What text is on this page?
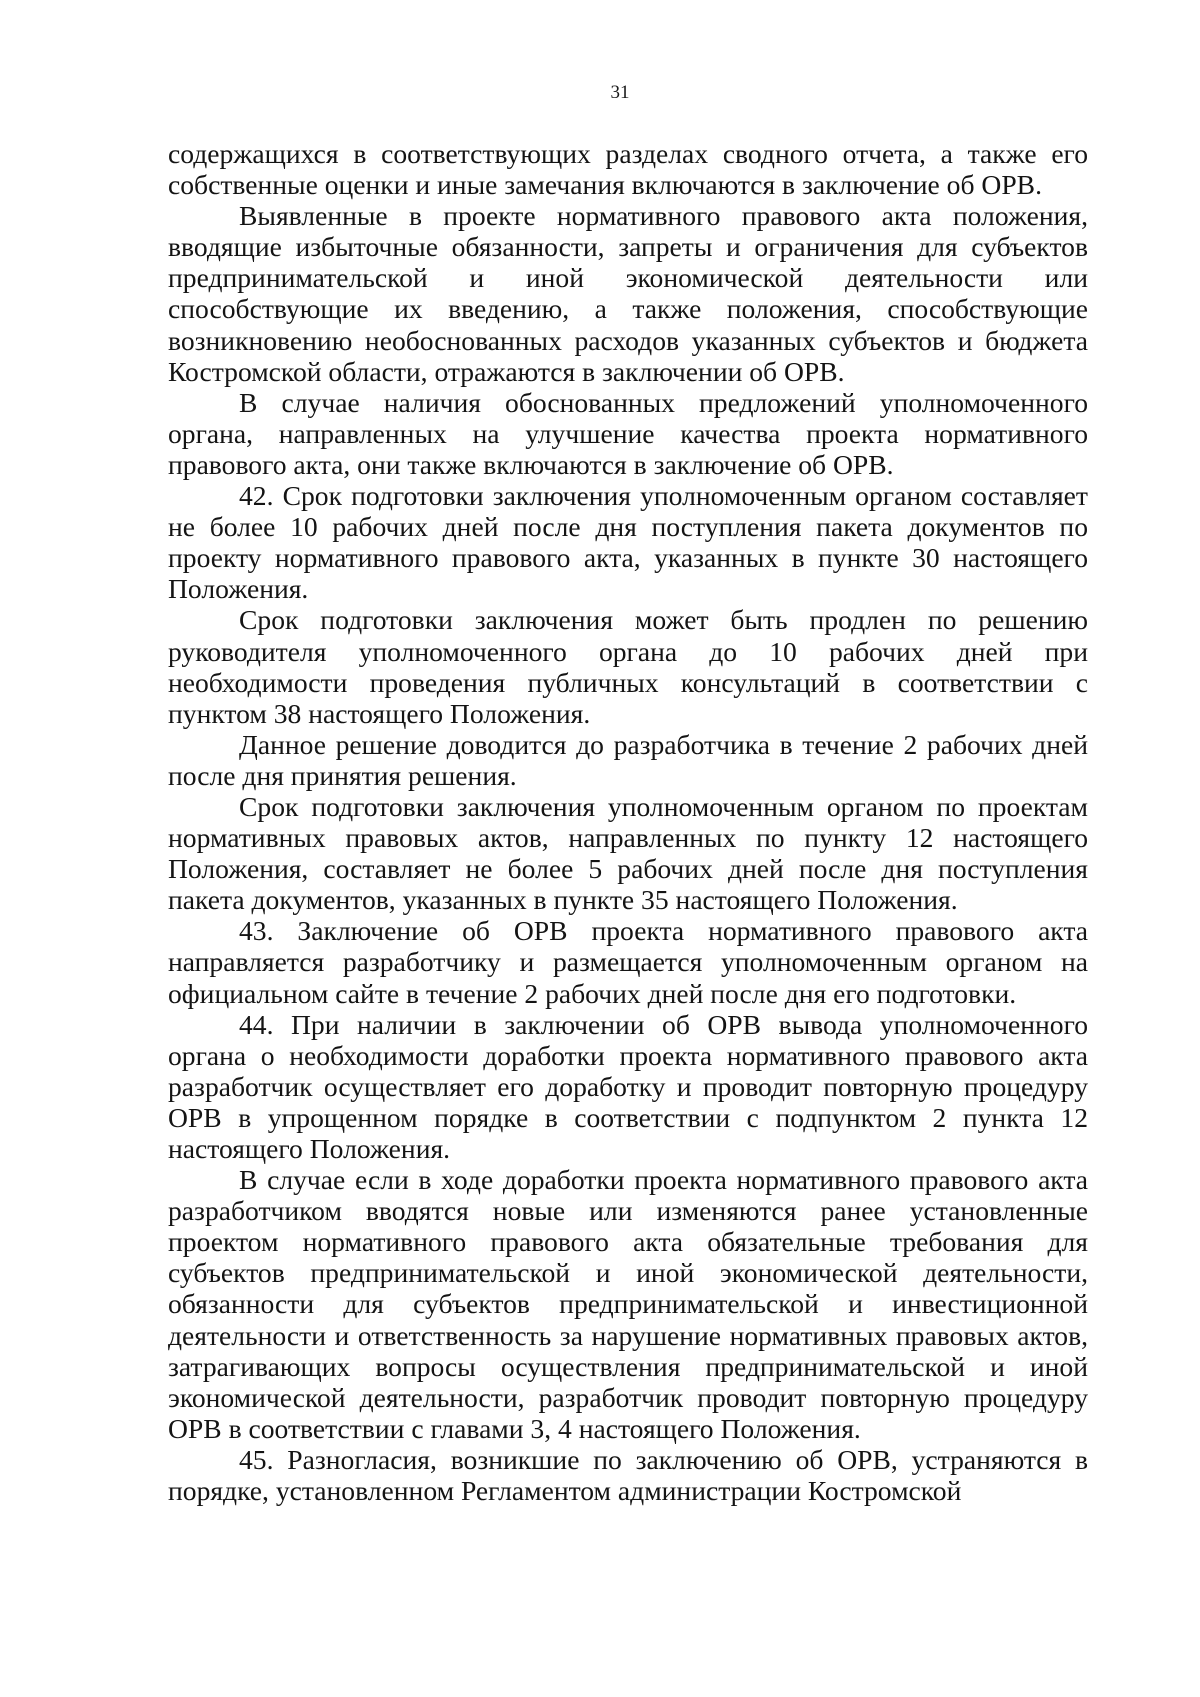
31

содержащихся в соответствующих разделах сводного отчета, а также его собственные оценки и иные замечания включаются в заключение об ОРВ.

Выявленные в проекте нормативного правового акта положения, вводящие избыточные обязанности, запреты и ограничения для субъектов предпринимательской и иной экономической деятельности или способствующие их введению, а также положения, способствующие возникновению необоснованных расходов указанных субъектов и бюджета Костромской области, отражаются в заключении об ОРВ.

В случае наличия обоснованных предложений уполномоченного органа, направленных на улучшение качества проекта нормативного правового акта, они также включаются в заключение об ОРВ.

42. Срок подготовки заключения уполномоченным органом составляет не более 10 рабочих дней после дня поступления пакета документов по проекту нормативного правового акта, указанных в пункте 30 настоящего Положения.

Срок подготовки заключения может быть продлен по решению руководителя уполномоченного органа до 10 рабочих дней при необходимости проведения публичных консультаций в соответствии с пунктом 38 настоящего Положения.

Данное решение доводится до разработчика в течение 2 рабочих дней после дня принятия решения.

Срок подготовки заключения уполномоченным органом по проектам нормативных правовых актов, направленных по пункту 12 настоящего Положения, составляет не более 5 рабочих дней после дня поступления пакета документов, указанных в пункте 35 настоящего Положения.

43. Заключение об ОРВ проекта нормативного правового акта направляется разработчику и размещается уполномоченным органом на официальном сайте в течение 2 рабочих дней после дня его подготовки.

44. При наличии в заключении об ОРВ вывода уполномоченного органа о необходимости доработки проекта нормативного правового акта разработчик осуществляет его доработку и проводит повторную процедуру ОРВ в упрощенном порядке в соответствии с подпунктом 2 пункта 12 настоящего Положения.

В случае если в ходе доработки проекта нормативного правового акта разработчиком вводятся новые или изменяются ранее установленные проектом нормативного правового акта обязательные требования для субъектов предпринимательской и иной экономической деятельности, обязанности для субъектов предпринимательской и инвестиционной деятельности и ответственность за нарушение нормативных правовых актов, затрагивающих вопросы осуществления предпринимательской и иной экономической деятельности, разработчик проводит повторную процедуру ОРВ в соответствии с главами 3, 4 настоящего Положения.

45. Разногласия, возникшие по заключению об ОРВ, устраняются в порядке, установленном Регламентом администрации Костромской
